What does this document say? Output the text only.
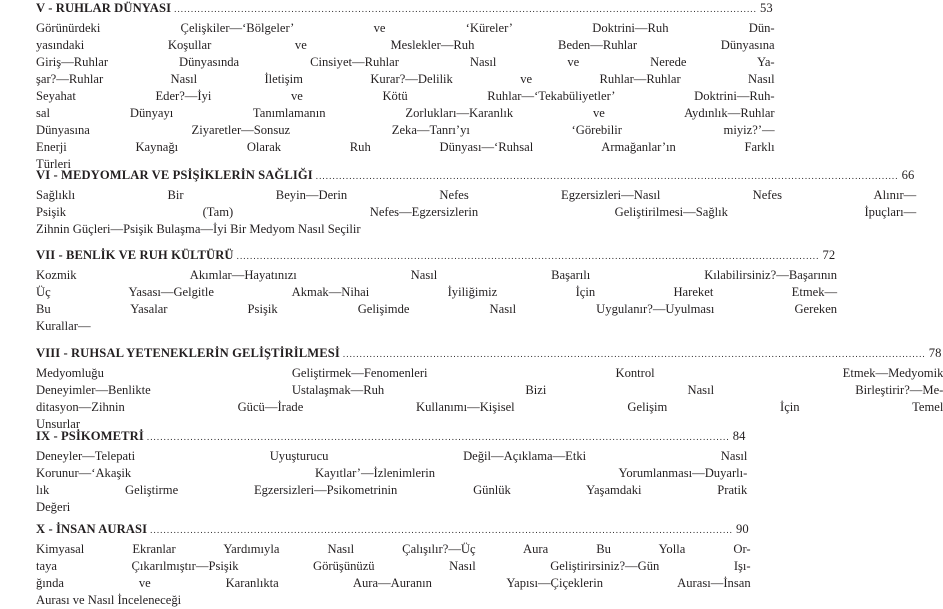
V - RUHLAR DÜNYASI .....	53
Görünürdeki Çelişkiler—‘Bölgeler’ ve ‘Küreler’ Doktrini—Ruh Dün-
yasındaki Koşullar ve Meslekler—Ruh Beden—Ruhlar Dünyasına
Giriş—Ruhlar Dünyasında Cinsiyet—Ruhlar Nasıl ve Nerede Ya-
şar?—Ruhlar Nasıl İletişim Kurar?—Delilik ve Ruhlar—Ruhlar Nasıl
Seyahat Eder?—İyi ve Kötü Ruhlar—‘Tekabüliyetler’ Doktrini—Ruh-
sal Dünyayı Tanımlamanın Zorlukları—Karanlık ve Aydınlık—Ruhlar
Dünyasına Ziyaretler—Sonsuz Zeka—Tanrı’yı ‘Görebilir miyiz?’—
Enerji Kaynağı Olarak Ruh Dünyası—‘Ruhsal Armağanlar’ın Farklı
Türleri
VI - MEDYOMLAR VE PSİŞİKLERİN SAĞLIĞI .....	66
Sağlıklı Bir Beyin—Derin Nefes Egzersizleri—Nasıl Nefes Alınır—
Psişik (Tam) Nefes—Egzersizlerin Geliştirilmesi—Sağlık İpuçları—
Zihnin Güçleri—Psişik Bulaşma—İyi Bir Medyom Nasıl Seçilir
VII - BENLİK VE RUH KÜLTÜRÜ .....	72
Kozmik Akımlar—Hayatınızı Nasıl Başarılı Kılabilirsiniz?—Başarının
Üç Yasası—Gelgitle Akmak—Nihai İyiliğimiz İçin Hareket Etmek—
Bu Yasalar Psişik Gelişimde Nasıl Uygulanır?—Uyulması Gereken
Kurallar—
VIII - RUHSAL YETENEKLERİN GELİŞTİRİLMESİ .....	78
Medyomluğu Geliştirmek—Fenomenleri Kontrol Etmek—Medyomik
Deneyimler—Benlikte Ustalaşmak—Ruh Bizi Nasıl Birleştirir?—Me-
ditasyon—Zihnin Gücü—İrade Kullanımı—Kişisel Gelişim İçin Temel
Unsurlar
IX - PSİKOMETRİ .....	84
Deneyler—Telepati Uyuşturucu Değil—Açıklama—Etki Nasıl
Korunur—‘Akaşik Kayıtlar’—İzlenimlerin Yorumlanması—Duyarlı-
lık Geliştirme Egzersizleri—Psikometrinin Günlük Yaşamdaki Pratik
Değeri
X - İNSAN AURASI .....	90
Kimyasal Ekranlar Yardımıyla Nasıl Çalışılır?—Üç Aura Bu Yolla Or-
taya Çıkarılmıştır—Psişik Görüşünüzü Nasıl Geliştirirsiniz?—Gün Işı-
ğında ve Karanlıkta Aura—Auranın Yapısı—Çiçeklerin Aurası—İnsan
Aurası ve Nasıl İnceleneceği
